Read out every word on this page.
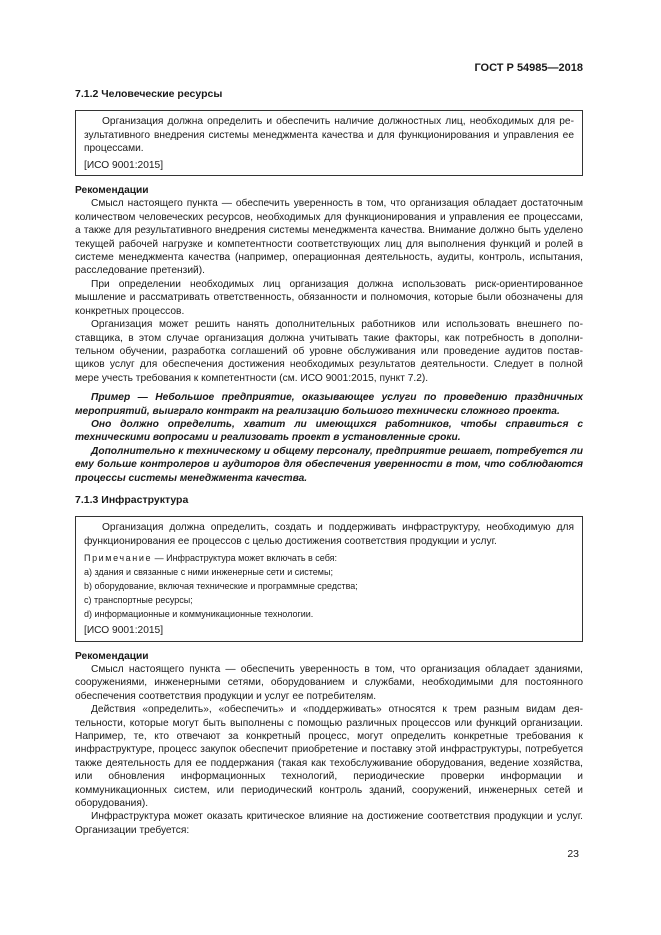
ГОСТ Р 54985—2018
7.1.2 Человеческие ресурсы

Организация должна определить и обеспечить наличие должностных лиц, необходимых для результативного внедрения системы менеджмента качества и для функционирования и управления ее процессами.

[ИСО 9001:2015]

Рекомендации

Смысл настоящего пункта — обеспечить уверенность в том, что организация обладает достаточным количеством человеческих ресурсов, необходимых для функционирования и управления ее процессами, а также для результативного внедрения системы менеджмента качества. Внимание должно быть уделено текущей рабочей нагрузке и компетентности соответствующих лиц для выполнения функций и ролей в системе менеджмента качества (например, операционная деятельность, аудиты, контроль, испытания, расследование претензий).

При определении необходимых лиц организация должна использовать риск-ориентированное мышление и рассматривать ответственность, обязанности и полномочия, которые были обозначены для конкретных процессов.

Организация может решить нанять дополнительных работников или использовать внешнего поставщика, в этом случае организация должна учитывать такие факторы, как потребность в дополнительном обучении, разработка соглашений об уровне обслуживания или проведение аудитов поставщиков услуг для обеспечения достижения необходимых результатов деятельности. Следует в полной мере учесть требования к компетентности (см. ИСО 9001:2015, пункт 7.2).

Пример — Небольшое предприятие, оказывающее услуги по проведению праздничных мероприятий, выиграло контракт на реализацию большого технически сложного проекта.

Оно должно определить, хватит ли имеющихся работников, чтобы справиться с техническими вопросами и реализовать проект в установленные сроки.

Дополнительно к техническому и общему персоналу, предприятие решает, потребуется ли ему больше контролеров и аудиторов для обеспечения уверенности в том, что соблюдаются процессы системы менеджмента качества.

7.1.3 Инфраструктура

Организация должна определить, создать и поддерживать инфраструктуру, необходимую для функционирования ее процессов с целью достижения соответствия продукции и услуг.

Примечание — Инфраструктура может включать в себя:

a) здания и связанные с ними инженерные сети и системы;

b) оборудование, включая технические и программные средства;

c) транспортные ресурсы;

d) информационные и коммуникационные технологии.

[ИСО 9001:2015]

Рекомендации

Смысл настоящего пункта — обеспечить уверенность в том, что организация обладает зданиями, сооружениями, инженерными сетями, оборудованием и службами, необходимыми для постоянного обеспечения соответствия продукции и услуг ее потребителям.

Действия «определить», «обеспечить» и «поддерживать» относятся к трем разным видам деятельности, которые могут быть выполнены с помощью различных процессов или функций организации. Например, те, кто отвечают за конкретный процесс, могут определить конкретные требования к инфраструктуре, процесс закупок обеспечит приобретение и поставку этой инфраструктуры, потребуется также деятельность для ее поддержания (такая как техобслуживание оборудования, ведение хозяйства, или обновления информационных технологий, периодические проверки информации и коммуникационных систем, или периодический контроль зданий, сооружений, инженерных сетей и оборудования).

Инфраструктура может оказать критическое влияние на достижение соответствия продукции и услуг. Организации требуется:

23
